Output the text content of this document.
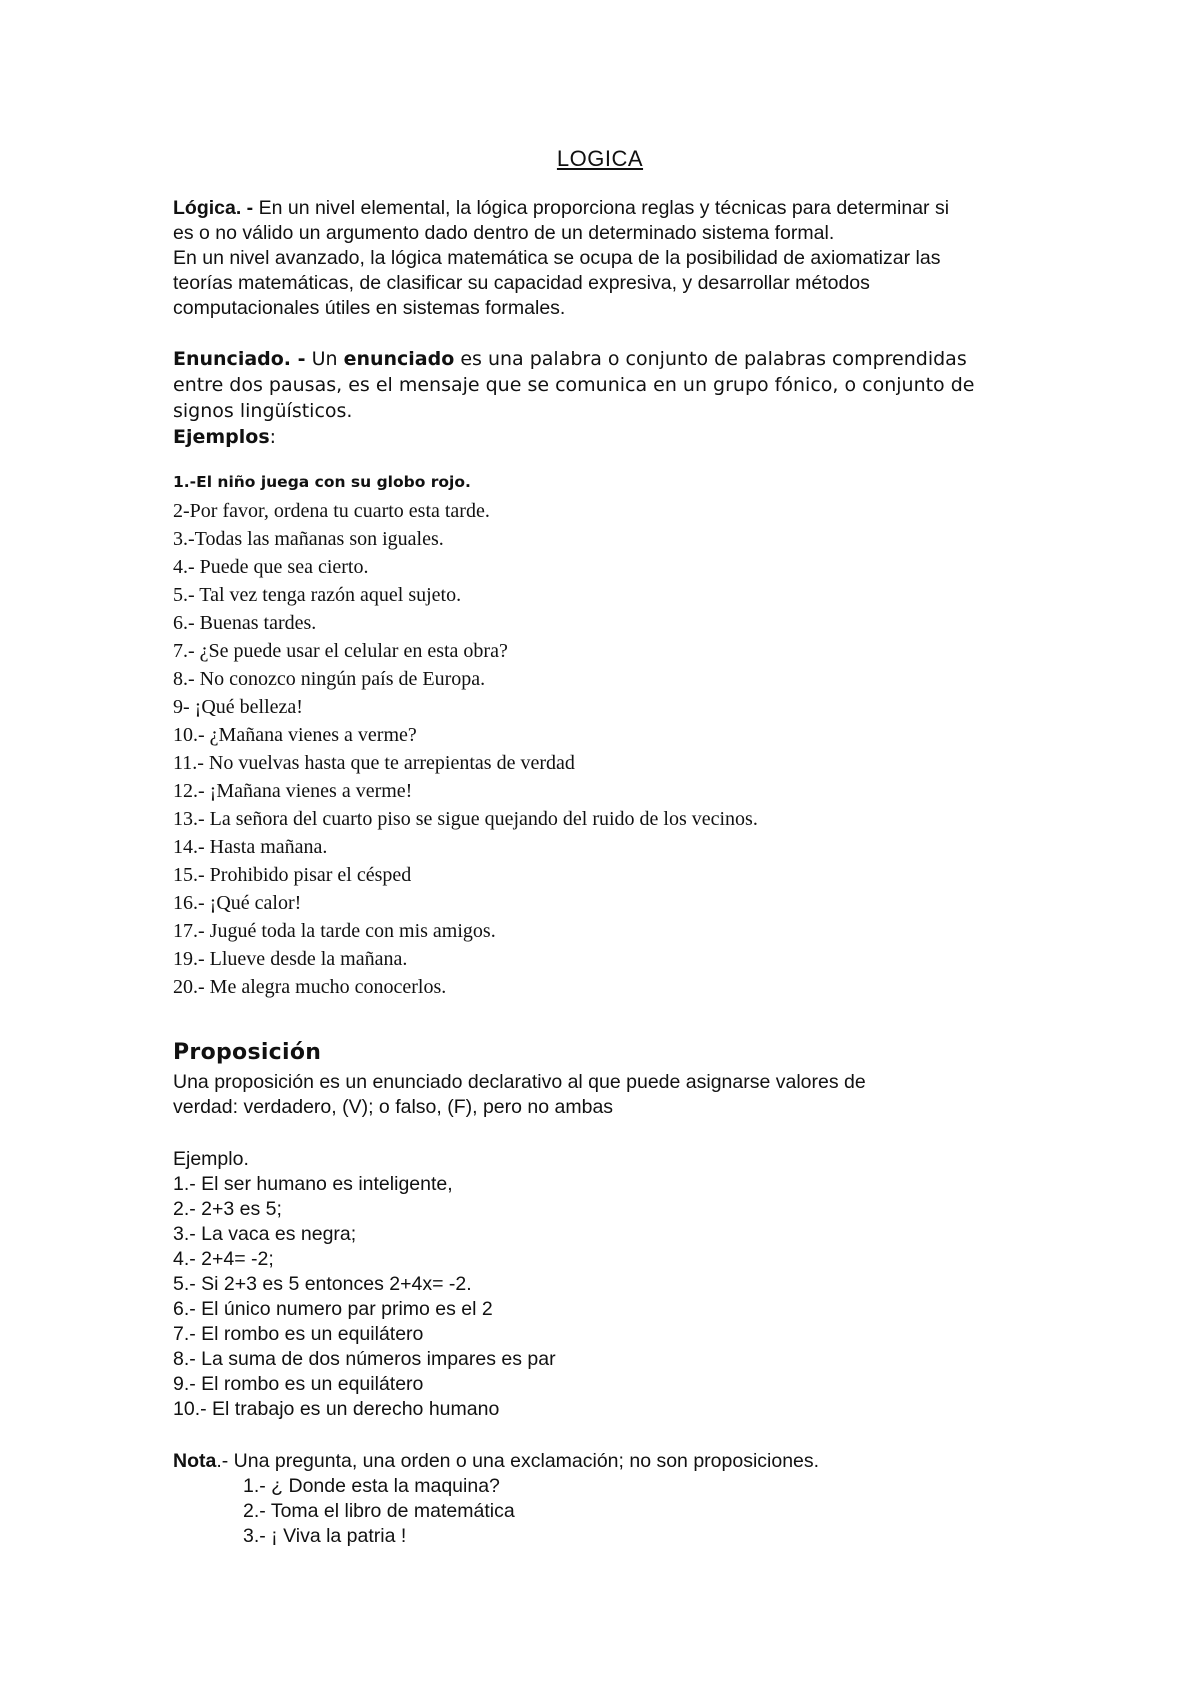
LOGICA
Lógica. - En un nivel elemental, la lógica proporciona reglas y técnicas para determinar si
es o no válido un argumento dado dentro de un determinado sistema formal.
En un nivel avanzado, la lógica matemática se ocupa de la posibilidad de axiomatizar las
teorías matemáticas, de clasificar su capacidad expresiva, y desarrollar métodos
computacionales útiles en sistemas formales.
Enunciado. - Un enunciado es una palabra o conjunto de palabras comprendidas
entre dos pausas, es el mensaje que se comunica en un grupo fónico, o conjunto de
signos lingüísticos.
Ejemplos:
1.-El niño juega con su globo rojo.
2-Por favor, ordena tu cuarto esta tarde.
3.-Todas las mañanas son iguales.
4.- Puede que sea cierto.
5.- Tal vez tenga razón aquel sujeto.
6.- Buenas tardes.
7.- ¿Se puede usar el celular en esta obra?
8.- No conozco ningún país de Europa.
9- ¡Qué belleza!
10.- ¿Mañana vienes a verme?
11.- No vuelvas hasta que te arrepientas de verdad
12.- ¡Mañana vienes a verme!
13.- La señora del cuarto piso se sigue quejando del ruido de los vecinos.
14.- Hasta mañana.
15.- Prohibido pisar el césped
16.- ¡Qué calor!
17.- Jugué toda la tarde con mis amigos.
19.- Llueve desde la mañana.
20.- Me alegra mucho conocerlos.
Proposición
Una proposición es un enunciado declarativo al que puede asignarse valores de
verdad: verdadero, (V); o falso, (F), pero no ambas
Ejemplo.
1.- El ser humano es inteligente,
2.- 2+3 es 5;
3.- La vaca es negra;
4.- 2+4= -2;
5.- Si 2+3 es 5 entonces 2+4x= -2.
6.- El único numero par primo es el 2
7.- El rombo es un equilátero
8.- La suma de dos números impares es par
9.- El rombo es un equilátero
10.- El trabajo es un derecho humano
Nota.- Una pregunta, una orden o una exclamación; no son proposiciones.
1.- ¿ Donde esta la maquina?
2.- Toma el libro de matemática
3.- ¡ Viva la patria !
